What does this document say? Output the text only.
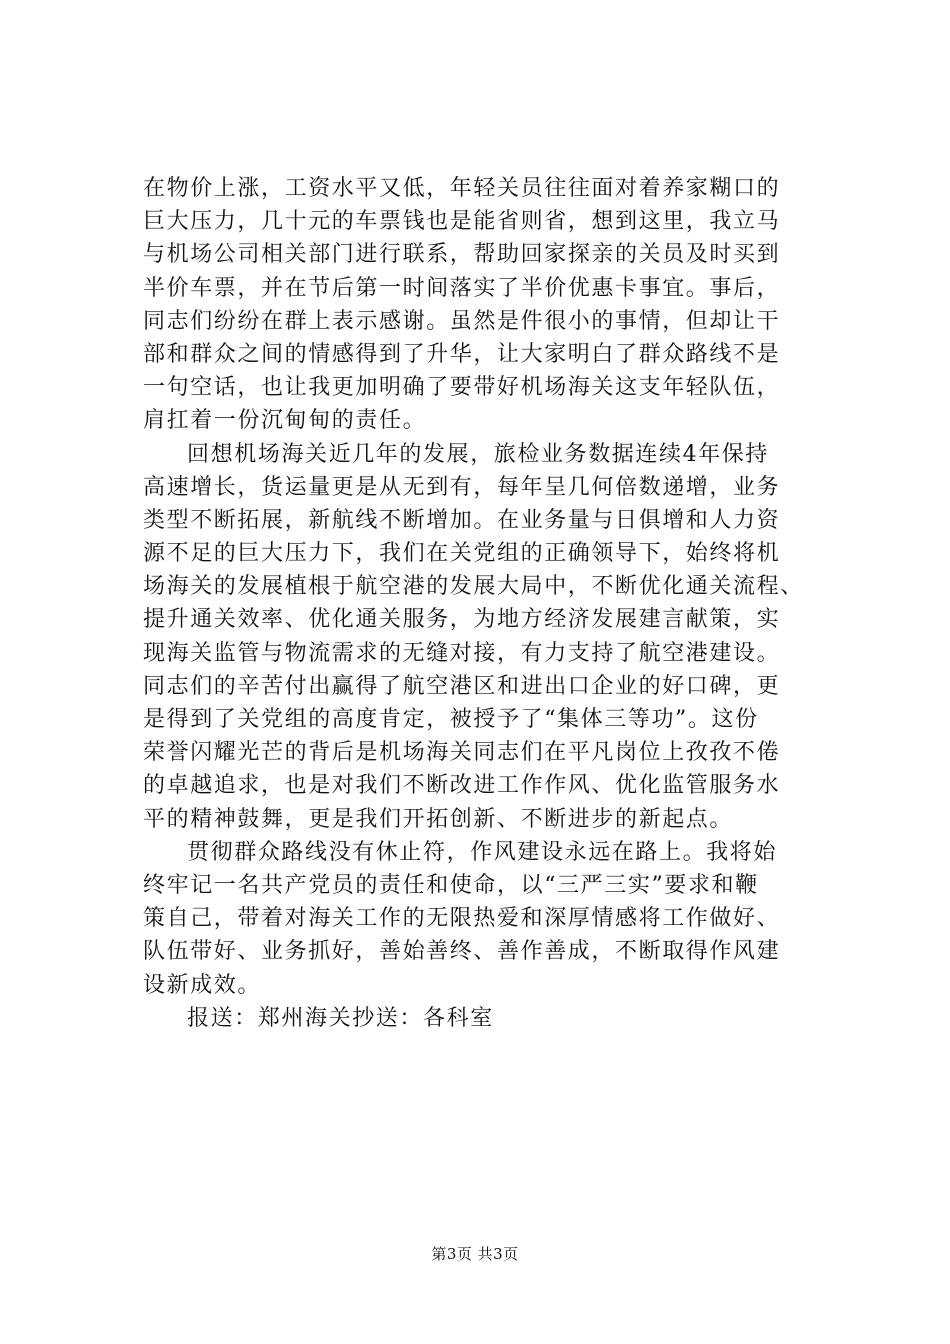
在物价上涨，工资水平又低，年轻关员往往面对着养家糊口的
巨大压力，几十元的车票钱也是能省则省，想到这里，我立马
与机场公司相关部门进行联系，帮助回家探亲的关员及时买到
半价车票，并在节后第一时间落实了半价优惠卡事宜。事后，
同志们纷纷在群上表示感谢。虽然是件很小的事情，但却让干
部和群众之间的情感得到了升华，让大家明白了群众路线不是
一句空话，也让我更加明确了要带好机场海关这支年轻队伍，
肩扛着一份沉甸甸的责任。
回想机场海关近几年的发展，旅检业务数据连续4年保持
高速增长，货运量更是从无到有，每年呈几何倍数递增，业务
类型不断拓展，新航线不断增加。在业务量与日俱增和人力资
源不足的巨大压力下，我们在关党组的正确领导下，始终将机
场海关的发展植根于航空港的发展大局中，不断优化通关流程、
提升通关效率、优化通关服务，为地方经济发展建言献策，实
现海关监管与物流需求的无缝对接，有力支持了航空港建设。
同志们的辛苦付出赢得了航空港区和进出口企业的好口碑，更
是得到了关党组的高度肯定，被授予了“集体三等功”。这份
荣誉闪耀光芒的背后是机场海关同志们在平凡岗位上孜孜不倦
的卓越追求，也是对我们不断改进工作作风、优化监管服务水
平的精神鼓舞，更是我们开拓创新、不断进步的新起点。
贯彻群众路线没有休止符，作风建设永远在路上。我将始
终牢记一名共产党员的责任和使命，以“三严三实”要求和鞭
策自己，带着对海关工作的无限热爱和深厚情感将工作做好、
队伍带好、业务抓好，善始善终、善作善成，不断取得作风建
设新成效。
报送：郑州海关抄送：各科室
第3页 共3页
